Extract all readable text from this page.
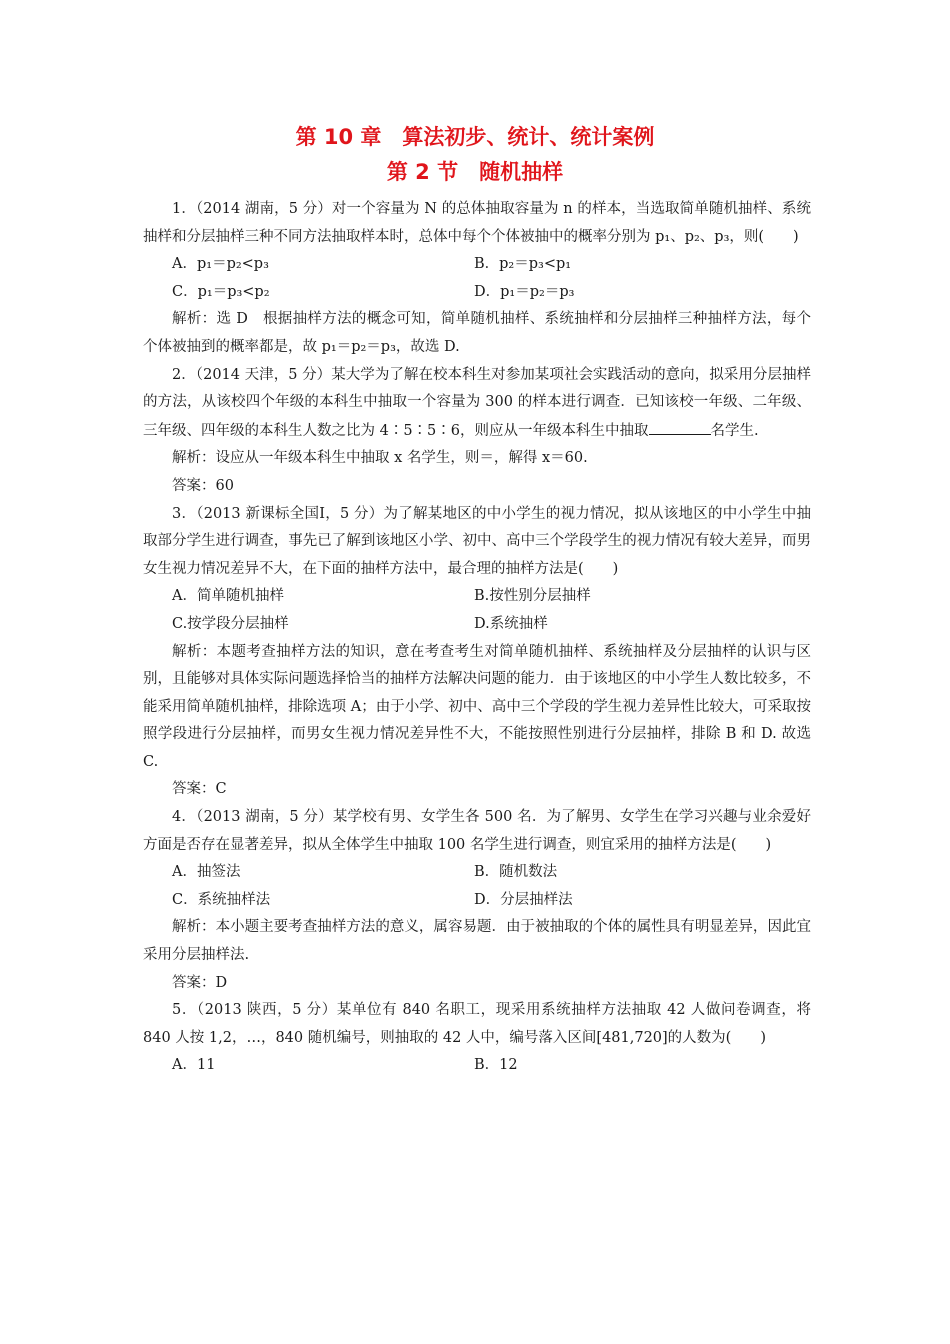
第 10 章　算法初步、统计、统计案例
第 2 节　随机抽样

1．（2014 湖南，5 分）对一个容量为 N 的总体抽取容量为 n 的样本，当选取简单随机抽样、系统抽样和分层抽样三种不同方法抽取样本时，总体中每个个体被抽中的概率分别为 p₁、p₂、p₃，则(　　)

A．p₁＝p₂<p₃	B．p₂＝p₃<p₁
C．p₁＝p₃<p₂	D．p₁＝p₂＝p₃

解析：选 D　根据抽样方法的概念可知，简单随机抽样、系统抽样和分层抽样三种抽样方法，每个个体被抽到的概率都是，故 p₁＝p₂＝p₃，故选 D.

2．（2014 天津，5 分）某大学为了解在校本科生对参加某项社会实践活动的意向，拟采用分层抽样的方法，从该校四个年级的本科生中抽取一个容量为 300 的样本进行调查．已知该校一年级、二年级、三年级、四年级的本科生人数之比为 4∶5∶5∶6，则应从一年级本科生中抽取	名学生.

解析：设应从一年级本科生中抽取 x 名学生，则＝，解得 x＝60.

答案：60

3．（2013 新课标全国Ⅰ，5 分）为了解某地区的中小学生的视力情况，拟从该地区的中小学生中抽取部分学生进行调查，事先已了解到该地区小学、初中、高中三个学段学生的视力情况有较大差异，而男女生视力情况差异不大，在下面的抽样方法中，最合理的抽样方法是(　　)

A．简单随机抽样	B.按性别分层抽样
C.按学段分层抽样	D.系统抽样

解析：本题考查抽样方法的知识，意在考查考生对简单随机抽样、系统抽样及分层抽样的认识与区别，且能够对具体实际问题选择恰当的抽样方法解决问题的能力．由于该地区的中小学生人数比较多，不能采用简单随机抽样，排除选项 A；由于小学、初中、高中三个学段的学生视力差异性比较大，可采取按照学段进行分层抽样，而男女生视力情况差异性不大，不能按照性别进行分层抽样，排除 B 和 D. 故选 C.

答案：C

4．（2013 湖南，5 分）某学校有男、女学生各 500 名．为了解男、女学生在学习兴趣与业余爱好方面是否存在显著差异，拟从全体学生中抽取 100 名学生进行调查，则宜采用的抽样方法是(　　)

A．抽签法	B．随机数法
C．系统抽样法	D．分层抽样法

解析：本小题主要考查抽样方法的意义，属容易题．由于被抽取的个体的属性具有明显差异，因此宜采用分层抽样法.

答案：D

5．（2013 陕西，5 分）某单位有 840 名职工，现采用系统抽样方法抽取 42 人做问卷调查，将 840 人按 1,2，…，840 随机编号，则抽取的 42 人中，编号落入区间[481,720]的人数为(　　)

A．11	B．12
